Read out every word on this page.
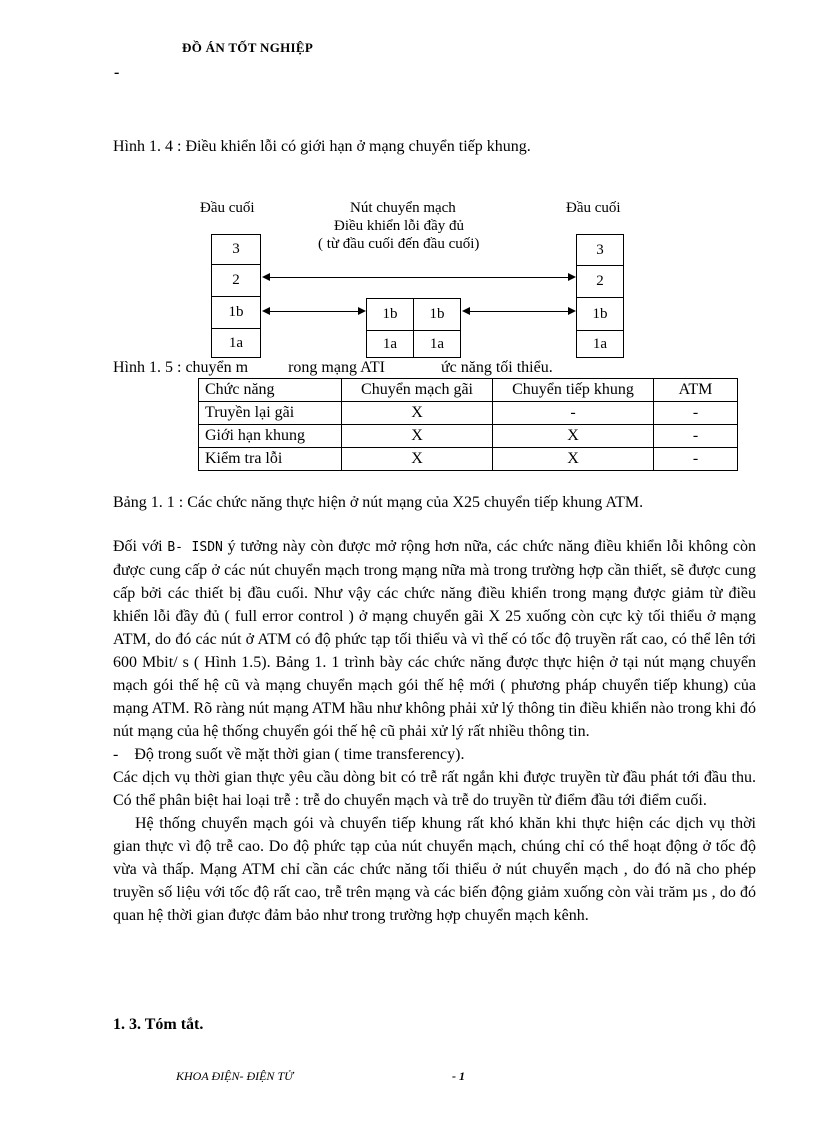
ĐỒ ÁN TỐT NGHIỆP
-
Hình 1. 4 : Điều khiển lỗi có giới hạn ở mạng chuyển tiếp khung.
Đầu cuối	Nút chuyển mạch
Điều khiển lỗi đầy đủ
( từ đầu cuối đến đầu cuối)
Đầu cuối
3
2
1b
1a
3
2
1b
1a
1b	1b
1a	1a
Hình 1. 5 : chuyển m          rong mạng ATI              ức năng tối thiểu.
Chức năng	Chuyển mạch gãi	Chuyển tiếp khung	ATM
Truyền lại gãi	X	-	-
Giới hạn khung	X	X	-
Kiểm tra lỗi	X	X	-
Bảng 1. 1 : Các chức năng thực hiện ở nút mạng của X25 chuyển tiếp khung ATM.

Đối với B- ISDN ý tưởng này còn được mở rộng hơn nữa, các chức năng điều khiển lỗi không còn được cung cấp ở các nút chuyển mạch trong mạng nữa mà trong trường hợp cần thiết, sẽ được cung cấp bởi các thiết bị đầu cuối. Như vậy các chức năng điều khiển trong mạng được giảm từ điều khiển lỗi đầy đủ ( full error control ) ở mạng chuyển gãi X 25 xuống còn cực kỳ tối thiểu ở mạng ATM, do đó các nút ở ATM có độ phức tạp tối thiểu và vì thế có tốc độ truyền rất cao, có thể lên tới 600 Mbit/ s ( Hình 1.5). Bảng 1. 1 trình bày các chức năng được thực hiện ở tại nút mạng chuyển mạch gói thế hệ cũ và mạng chuyển mạch gói thế hệ mới ( phương pháp chuyển tiếp khung) của mạng ATM. Rõ ràng nút mạng ATM hầu như không phải xử lý thông tin điều khiển nào trong khi đó nút mạng của hệ thống chuyển gói thế hệ cũ phải xử lý rất nhiều thông tin.

-    Độ trong suốt về mặt thời gian ( time transferency).

Các dịch vụ thời gian thực yêu cầu dòng bit có trễ rất ngắn khi được truyền từ đầu phát tới đầu thu. Có thể phân biệt hai loại trễ : trễ do chuyển mạch và trễ do truyền từ điểm đầu tới điểm cuối.

Hệ thống chuyển mạch gói và chuyển tiếp khung rất khó khăn khi thực hiện các dịch vụ thời gian thực vì độ trễ cao. Do độ phức tạp của nút chuyển mạch, chúng chỉ có thể hoạt động ở tốc độ vừa và thấp. Mạng ATM chỉ cần các chức năng tối thiểu ở nút chuyển mạch , do đó nã cho phép truyền số liệu với tốc độ rất cao, trễ trên mạng và các biến động giảm xuống còn vài trăm µs , do đó quan hệ thời gian được đảm bảo như trong trường hợp chuyển mạch kênh.

1. 3. Tóm tắt.
KHOA ĐIỆN- ĐIỆN TỬ	- 1
